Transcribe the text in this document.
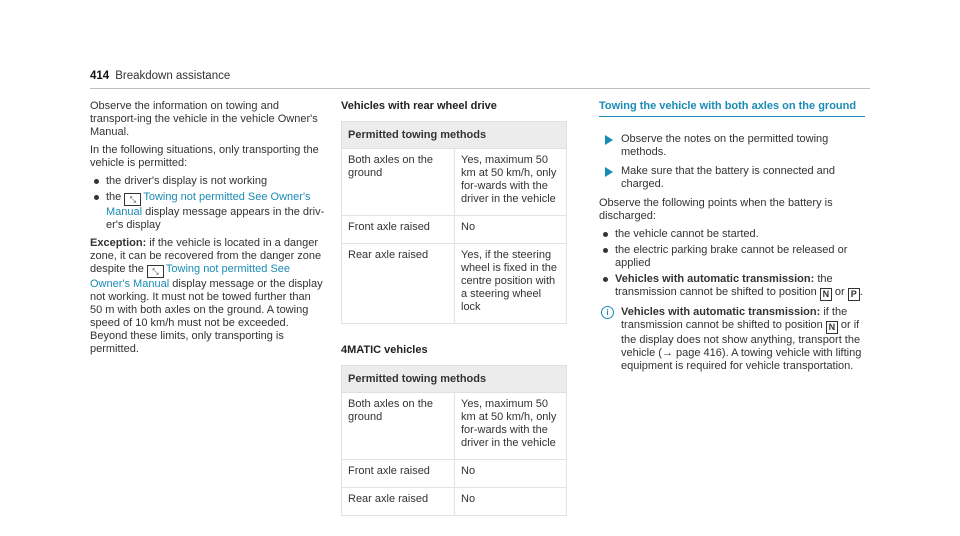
414 Breakdown assistance

Observe the information on towing and transport-ing the vehicle in the vehicle Owner's Manual.

In the following situations, only transporting the vehicle is permitted:

the driver's display is not working
the ⤡ Towing not permitted See Owner's Manual display message appears in the driv-er's display

Exception: if the vehicle is located in a danger zone, it can be recovered from the danger zone despite the ⤡ Towing not permitted See Owner's Manual display message or the display not working. It must not be towed further than 50 m with both axles on the ground. A towing speed of 10 km/h must not be exceeded. Beyond these limits, only transporting is permitted.

Vehicles with rear wheel drive
Permitted towing methods	
Both axles on the ground	Yes, maximum 50 km at 50 km/h, only for-wards with the driver in the vehicle
Front axle raised	No
Rear axle raised	Yes, if the steering wheel is fixed in the centre position with a steering wheel lock
4MATIC vehicles
Permitted towing methods	
Both axles on the ground	Yes, maximum 50 km at 50 km/h, only for-wards with the driver in the vehicle
Front axle raised	No
Rear axle raised	No
Towing the vehicle with both axles on the ground
Observe the notes on the permitted towing methods.
Make sure that the battery is connected and charged.

Observe the following points when the battery is discharged:

the vehicle cannot be started.
the electric parking brake cannot be released or applied
Vehicles with automatic transmission: the transmission cannot be shifted to position N or P .
i	Vehicles with automatic transmission: if the transmission cannot be shifted to position N or if the display does not show anything, transport the vehicle (→ page 416). A towing vehicle with lifting equipment is required for vehicle transportation.
